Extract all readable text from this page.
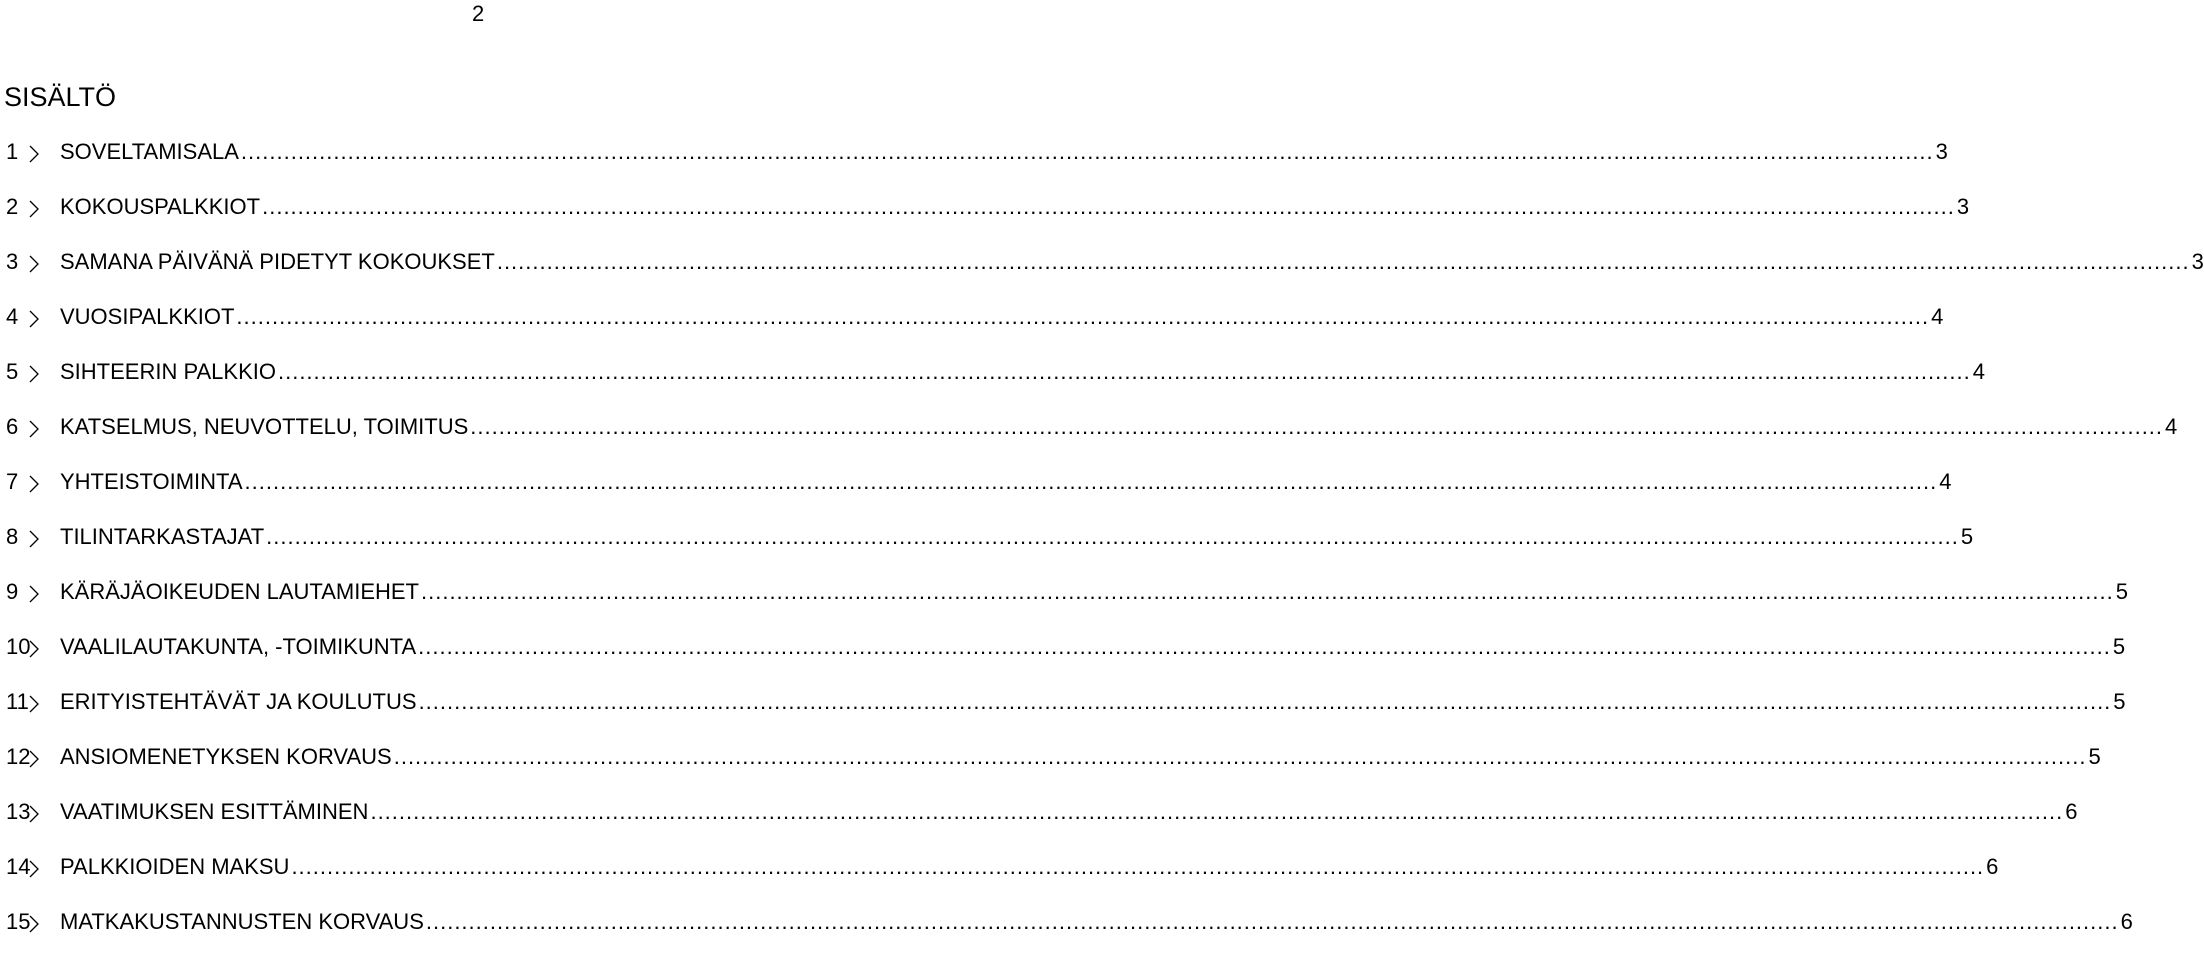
2
SISÄLTÖ
1 SOVELTAMISALA .............................................................................................................................................................................................................................................. 3
2 KOKOUSPALKKIOT .............................................................................................................................................................................................................................................. 3
3 SAMANA PÄIVÄNÄ PIDETYT KOKOUKSET .............................................................................................................................................................................................................................................. 3
4 VUOSIPALKKIOT .............................................................................................................................................................................................................................................. 4
5 SIHTEERIN PALKKIO .............................................................................................................................................................................................................................................. 4
6 KATSELMUS, NEUVOTTELU, TOIMITUS .............................................................................................................................................................................................................................................. 4
7 YHTEISTOIMINTA .............................................................................................................................................................................................................................................. 4
8 TILINTARKASTAJAT .............................................................................................................................................................................................................................................. 5
9 KÄRÄJÄOIKEUDEN LAUTAMIEHET .............................................................................................................................................................................................................................................. 5
10 VAALILAUTAKUNTA, -TOIMIKUNTA .............................................................................................................................................................................................................................................. 5
11 ERITYISTEHTÄVÄT JA KOULUTUS .............................................................................................................................................................................................................................................. 5
12 ANSIOMENETYKSEN KORVAUS .............................................................................................................................................................................................................................................. 5
13 VAATIMUKSEN ESITTÄMINEN .............................................................................................................................................................................................................................................. 6
14 PALKKIOIDEN MAKSU .............................................................................................................................................................................................................................................. 6
15 MATKAKUSTANNUSTEN KORVAUS .............................................................................................................................................................................................................................................. 6
